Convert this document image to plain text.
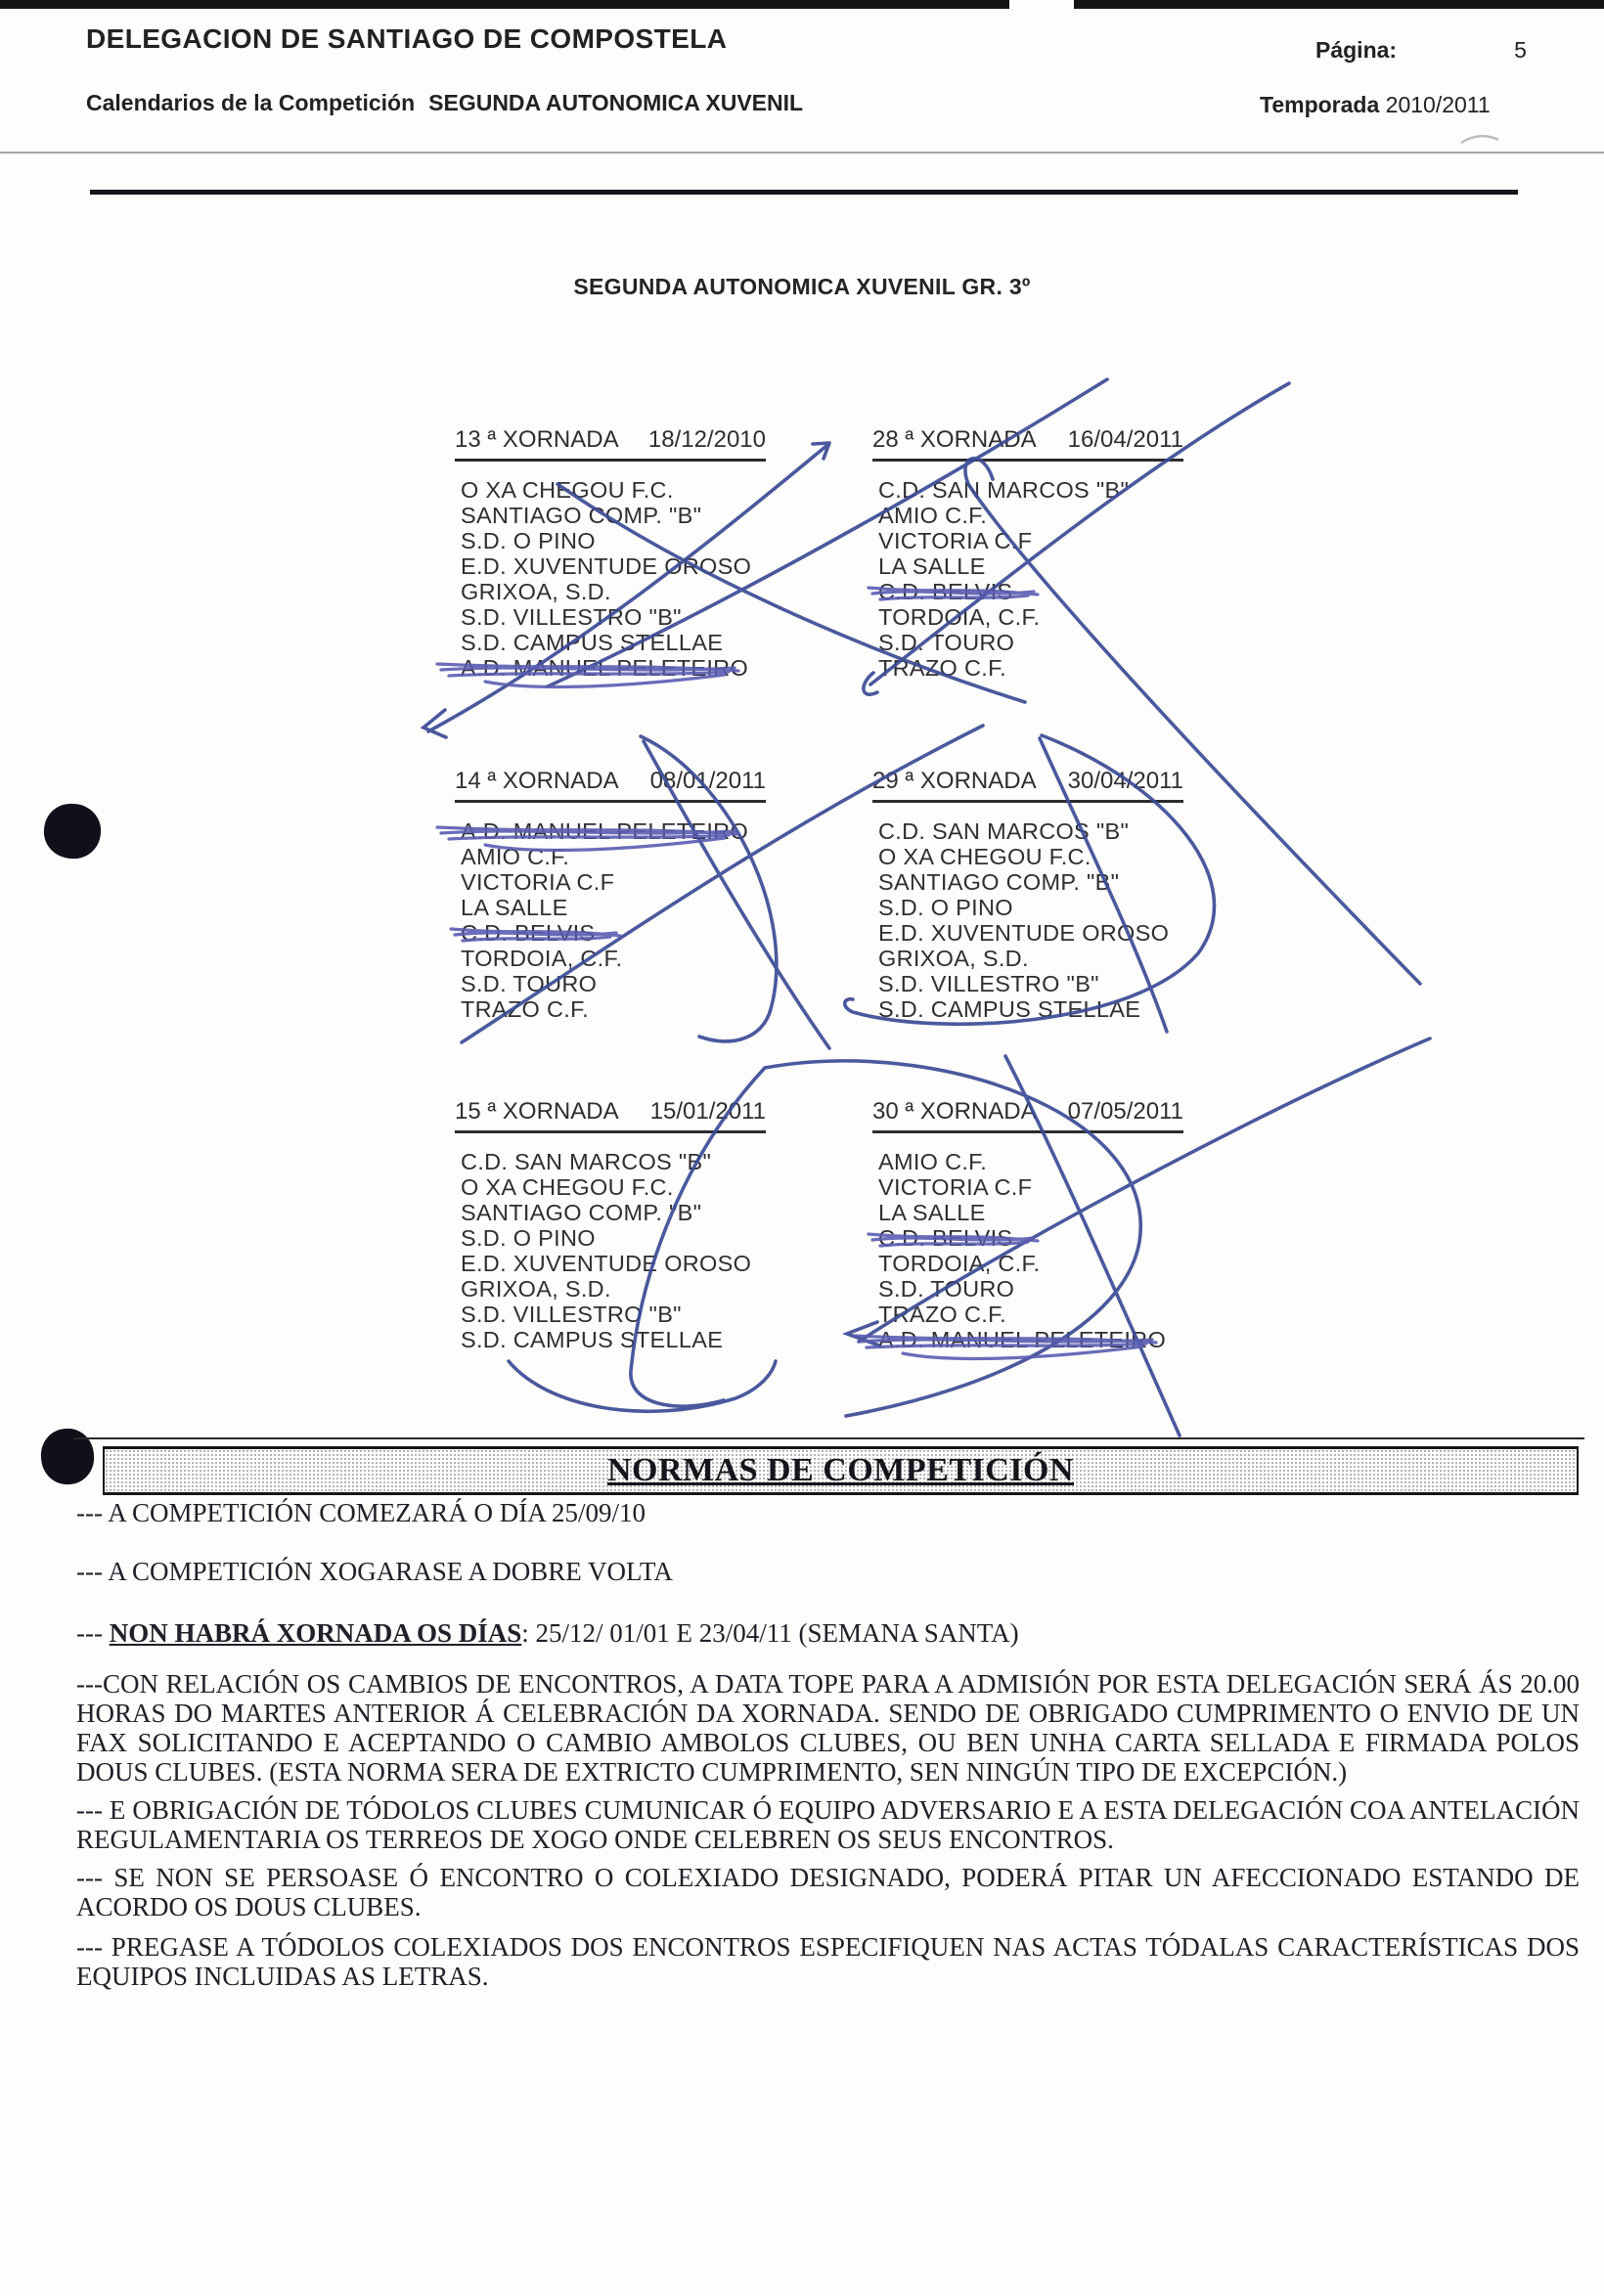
DELEGACION DE SANTIAGO DE COMPOSTELA
Calendarios de la Competición SEGUNDA AUTONOMICA XUVENIL
Página:	5
Temporada 2010/2011
SEGUNDA AUTONOMICA XUVENIL GR. 3º
13 ª XORNADA 18/12/2010
O XA CHEGOU F.C.
SANTIAGO COMP. "B"
S.D. O PINO
E.D. XUVENTUDE OROSO
GRIXOA, S.D.
S.D. VILLESTRO "B"
S.D. CAMPUS STELLAE
A.D. MANUEL PELETEIRO
28 ª XORNADA 16/04/2011
C.D. SAN MARCOS "B"
AMIO C.F.
VICTORIA C.F
LA SALLE
C.D. BELVIS
TORDOIA, C.F.
S.D. TOURO
TRAZO C.F.
14 ª XORNADA 08/01/2011
A.D. MANUEL PELETEIRO
AMIO C.F.
VICTORIA C.F
LA SALLE
C.D. BELVIS
TORDOIA, C.F.
S.D. TOURO
TRAZO C.F.
29 ª XORNADA 30/04/2011
C.D. SAN MARCOS "B"
O XA CHEGOU F.C.
SANTIAGO COMP. "B"
S.D. O PINO
E.D. XUVENTUDE OROSO
GRIXOA, S.D.
S.D. VILLESTRO "B"
S.D. CAMPUS STELLAE
15 ª XORNADA 15/01/2011
C.D. SAN MARCOS "B"
O XA CHEGOU F.C.
SANTIAGO COMP. "B"
S.D. O PINO
E.D. XUVENTUDE OROSO
GRIXOA, S.D.
S.D. VILLESTRO "B"
S.D. CAMPUS STELLAE
30 ª XORNADA 07/05/2011
AMIO C.F.
VICTORIA C.F
LA SALLE
C.D. BELVIS
TORDOIA, C.F.
S.D. TOURO
TRAZO C.F.
A.D. MANUEL PELETEIRO
NORMAS DE COMPETICIÓN

--- A COMPETICIÓN COMEZARÁ O DÍA 25/09/10

--- A COMPETICIÓN XOGARASE A DOBRE VOLTA

--- NON HABRÁ XORNADA OS DÍAS: 25/12/ 01/01 E 23/04/11 (SEMANA SANTA)

---CON RELACIÓN OS CAMBIOS DE ENCONTROS, A DATA TOPE PARA A ADMISIÓN POR ESTA DELEGACIÓN SERÁ ÁS 20.00 HORAS DO MARTES ANTERIOR Á CELEBRACIÓN DA XORNADA. SENDO DE OBRIGADO CUMPRIMENTO O ENVIO DE UN FAX SOLICITANDO E ACEPTANDO O CAMBIO AMBOLOS CLUBES, OU BEN UNHA CARTA SELLADA E FIRMADA POLOS DOUS CLUBES. (ESTA NORMA SERA DE EXTRICTO CUMPRIMENTO, SEN NINGÚN TIPO DE EXCEPCIÓN.)

--- E OBRIGACIÓN DE TÓDOLOS CLUBES CUMUNICAR Ó EQUIPO ADVERSARIO E A ESTA DELEGACIÓN COA ANTELACIÓN REGULAMENTARIA OS TERREOS DE XOGO ONDE CELEBREN OS SEUS ENCONTROS.

--- SE NON SE PERSOASE Ó ENCONTRO O COLEXIADO DESIGNADO, PODERÁ PITAR UN AFECCIONADO ESTANDO DE ACORDO OS DOUS CLUBES.

--- PREGASE A TÓDOLOS COLEXIADOS DOS ENCONTROS ESPECIFIQUEN NAS ACTAS TÓDALAS CARACTERÍSTICAS DOS EQUIPOS INCLUIDAS AS LETRAS.
